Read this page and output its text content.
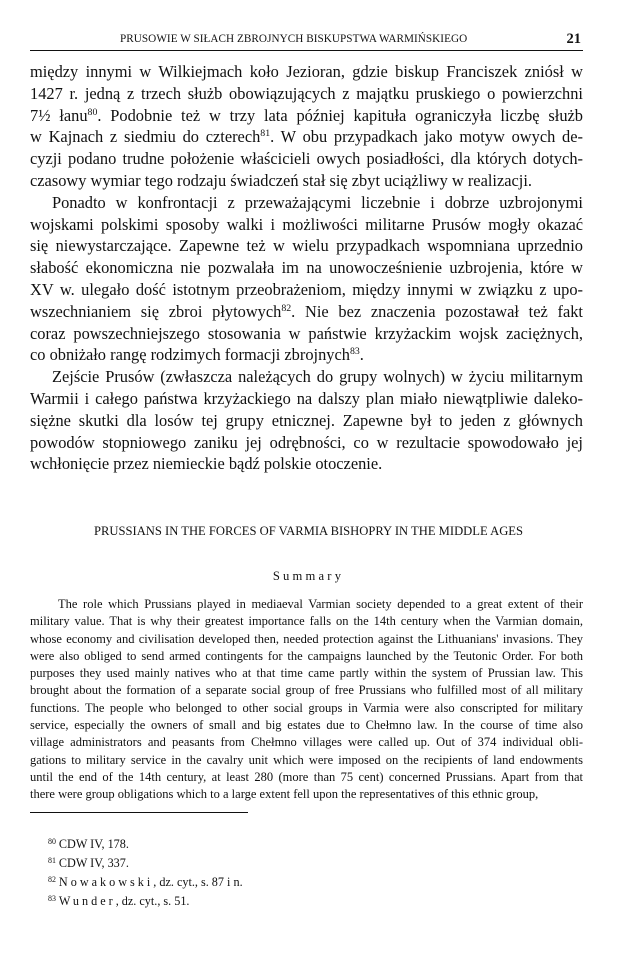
PRUSOWIE W SIŁACH ZBROJNYCH BISKUPSTWA WARMIŃSKIEGO	21
między innymi w Wilkiejmach koło Jezioran, gdzie biskup Franciszek zniósł w
1427 r. jedną z trzech służb obowiązujących z majątku pruskiego o powierzchni
7½ łanu$^{80}$. Podobnie też w trzy lata później kapituła ograniczyła liczbę służb
w Kajnach z siedmiu do czterech$^{81}$. W obu przypadkach jako motyw owych de-
cyzji podano trudne położenie właścicieli owych posiadłości, dla których dotych-
czasowy wymiar tego rodzaju świadczeń stał się zbyt uciążliwy w realizacji.
Ponadto w konfrontacji z przeważającymi liczebnie i dobrze uzbrojonymi
wojskami polskimi sposoby walki i możliwości militarne Prusów mogły okazać
się niewystarczające. Zapewne też w wielu przypadkach wspomniana uprzednio
słabość ekonomiczna nie pozwalała im na unowocześnienie uzbrojenia, które w
XV w. ulegało dość istotnym przeobrażeniom, między innymi w związku z upo-
wszechnianiem się zbroi płytowych$^{82}$. Nie bez znaczenia pozostawał też fakt
coraz powszechniejszego stosowania w państwie krzyżackim wojsk zaciężnych,
co obniżało rangę rodzimych formacji zbrojnych$^{83}$.
Zejście Prusów (zwłaszcza należących do grupy wolnych) w życiu militarnym
Warmii i całego państwa krzyżackiego na dalszy plan miało niewątpliwie daleko-
siężne skutki dla losów tej grupy etnicznej. Zapewne był to jeden z głównych
powodów stopniowego zaniku jej odrębności, co w rezultacie spowodowało jej
wchłonięcie przez niemieckie bądź polskie otoczenie.
PRUSSIANS IN THE FORCES OF VARMIA BISHOPRY IN THE MIDDLE AGES
Summary
The role which Prussians played in mediaeval Varmian society depended to a great extent of their
military value. That is why their greatest importance falls on the 14th century when the Varmian domain,
whose economy and civilisation developed then, needed protection against the Lithuanians' invasions. They
were also obliged to send armed contingents for the campaigns launched by the Teutonic Order. For both
purposes they used mainly natives who at that time came partly within the system of Prussian law. This
brought about the formation of a separate social group of free Prussians who fulfilled most of all military
functions. The people who belonged to other social groups in Varmia were also conscripted for military
service, especially the owners of small and big estates due to Chełmno law. In the course of time also
village administrators and peasants from Chełmno villages were called up. Out of 374 individual obli-
gations to military service in the cavalry unit which were imposed on the recipients of land endowments
until the end of the 14th century, at least 280 (more than 75 cent) concerned Prussians. Apart from that
there were group obligations which to a large extent fell upon the representatives of this ethnic group,
$^{80}$ CDW IV, 178.
$^{81}$ CDW IV, 337.
$^{82}$ Nowakowski, dz. cyt., s. 87 i n.
$^{83}$ Wunder, dz. cyt., s. 51.
